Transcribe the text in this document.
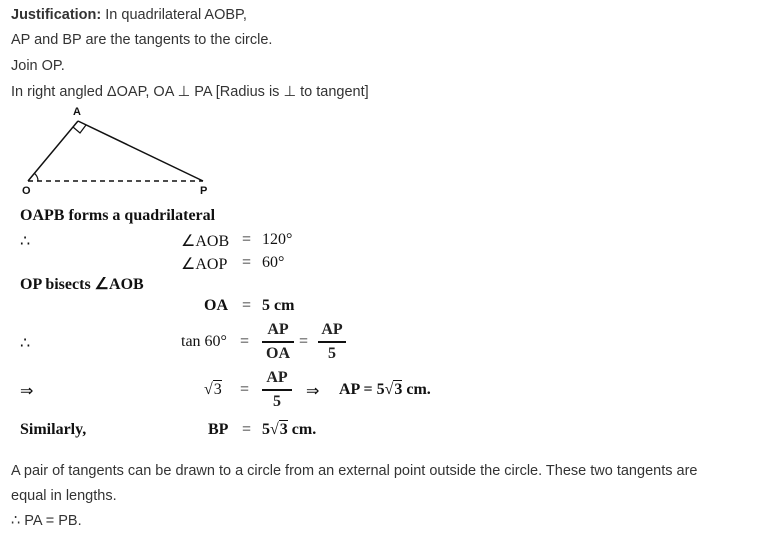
Justification: In quadrilateral AOBP,
AP and BP are the tangents to the circle.
Join OP.
In right angled ΔOAP, OA ⊥ PA [Radius is ⊥ to tangent]
A
O	P
OAPB forms a quadrilateral
∴	∠AOB = 120°
∠AOP = 60°
OP bisects ∠AOB
OA = 5 cm
∴	tan 60° =
AP
OA
=
AP
5
⇒	√3 =
AP
5
⇒ AP = 5√3 cm.
Similarly,	BP = 5√3 cm.
A pair of tangents can be drawn to a circle from an external point outside the circle. These two tangents are
equal in lengths.
∴ PA = PB.
